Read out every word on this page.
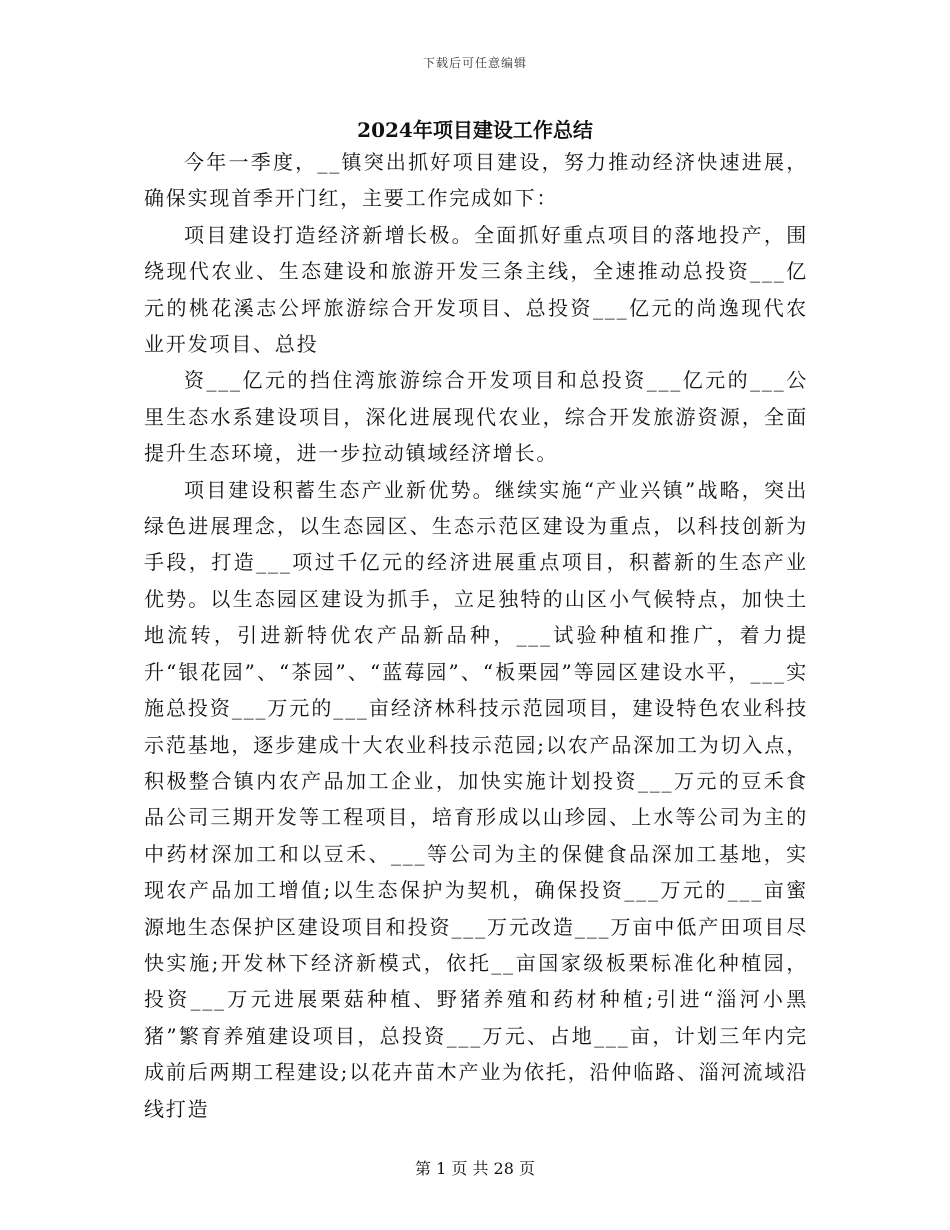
下载后可任意编辑
2024年项目建设工作总结

今年一季度，__镇突出抓好项目建设，努力推动经济快速进展，确保实现首季开门红，主要工作完成如下：

项目建设打造经济新增长极。全面抓好重点项目的落地投产，围绕现代农业、生态建设和旅游开发三条主线，全速推动总投资___亿元的桃花溪志公坪旅游综合开发项目、总投资___亿元的尚逸现代农业开发项目、总投

资___亿元的挡住湾旅游综合开发项目和总投资___亿元的___公里生态水系建设项目，深化进展现代农业，综合开发旅游资源，全面提升生态环境，进一步拉动镇域经济增长。

项目建设积蓄生态产业新优势。继续实施“产业兴镇”战略，突出绿色进展理念，以生态园区、生态示范区建设为重点，以科技创新为手段，打造___项过千亿元的经济进展重点项目，积蓄新的生态产业优势。以生态园区建设为抓手，立足独特的山区小气候特点，加快土地流转，引进新特优农产品新品种，___试验种植和推广，着力提升“银花园”、“茶园”、“蓝莓园”、“板栗园”等园区建设水平，___实施总投资___万元的___亩经济林科技示范园项目，建设特色农业科技示范基地，逐步建成十大农业科技示范园;以农产品深加工为切入点，积极整合镇内农产品加工企业，加快实施计划投资___万元的豆禾食品公司三期开发等工程项目，培育形成以山珍园、上水等公司为主的中药材深加工和以豆禾、___等公司为主的保健食品深加工基地，实现农产品加工增值;以生态保护为契机，确保投资___万元的___亩蜜源地生态保护区建设项目和投资___万元改造___万亩中低产田项目尽快实施;开发林下经济新模式，依托__亩国家级板栗标准化种植园，投资___万元进展栗菇种植、野猪养殖和药材种植;引进“淄河小黑猪”繁育养殖建设项目，总投资___万元、占地___亩，计划三年内完成前后两期工程建设;以花卉苗木产业为依托，沿仲临路、淄河流域沿线打造

第 1 页 共 28 页
